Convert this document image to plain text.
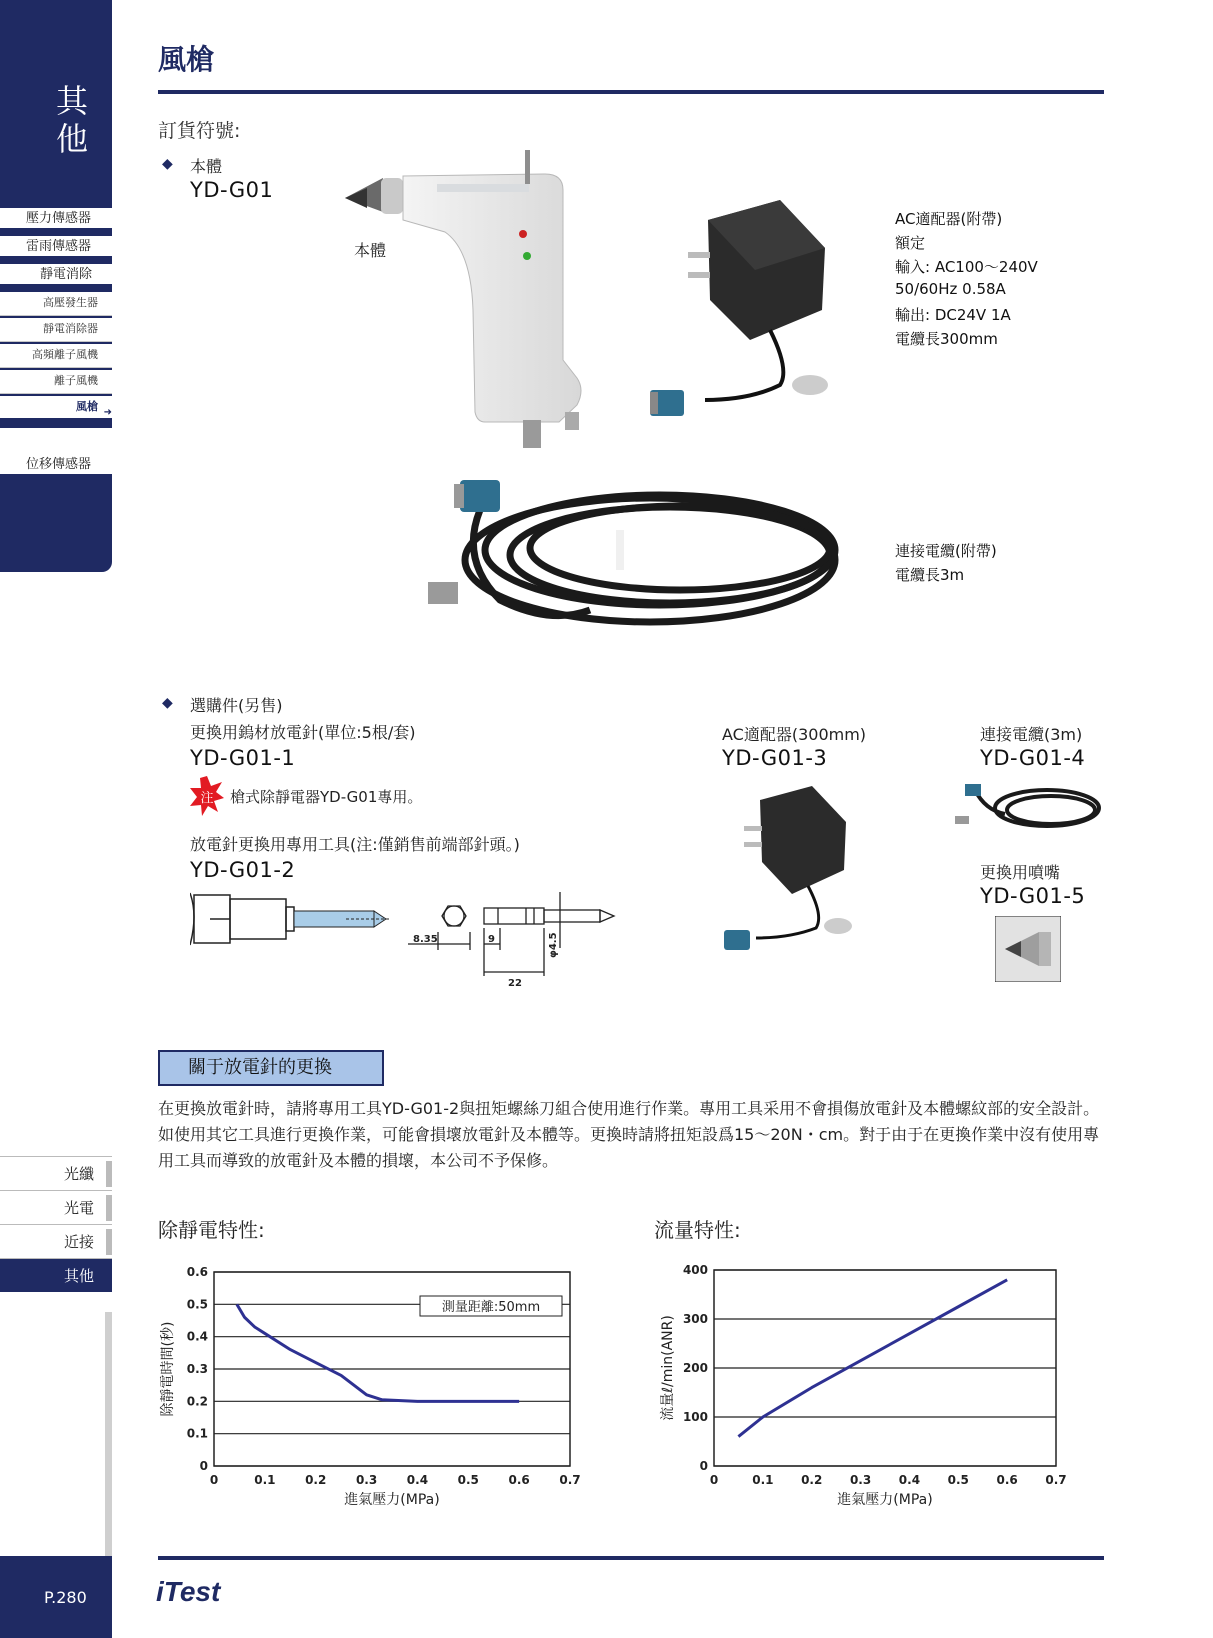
其
他
壓力傳感器
雷雨傳感器
靜電消除
高壓發生器
靜電消除器
高頻離子風機
離子風機
風槍 ➜
位移傳感器
光纖
光電
近接
其他
P.280
風槍
訂貨符號:
◆ 本體
YD-G01
本體
AC適配器(附帶)
額定
輸入: AC100～240V
50/60Hz 0.58A
輸出: DC24V 1A
電纜長300mm
連接電纜(附帶)
電纜長3m
◆ 選購件(另售)
更換用鎢材放電針(單位:5根/套)
YD-G01-1
注 槍式除靜電器YD-G01專用。
放電針更換用專用工具(注:僅銷售前端部針頭。)
YD-G01-2
8.35	9
22
φ4.5
AC適配器(300mm)
YD-G01-3
連接電纜(3m)
YD-G01-4
更換用噴嘴
YD-G01-5
關于放電針的更換
在更換放電針時，請將專用工具YD-G01-2與扭矩螺絲刀組合使用進行作業。專用工具采用不會損傷放電針及本體螺紋部的安全設計。如使用其它工具進行更換作業，可能會損壞放電針及本體等。更換時請將扭矩設爲15～20N・cm。對于由于在更換作業中沒有使用專用工具而導致的放電針及本體的損壞，本公司不予保修。
除靜電特性:	流量特性:
0
0.1
0.2
0.3
0.4
0.5
0.6
0	0.1 0.2 0.3 0.4 0.5 0.6 0.7
進氣壓力(MPa)
除靜電時間(秒)
測量距離:50mm
0
100
200
300
400
0	0.1 0.2 0.3 0.4 0.5 0.6 0.7
進氣壓力(MPa)
流量ℓ/min(ANR)
iTest
